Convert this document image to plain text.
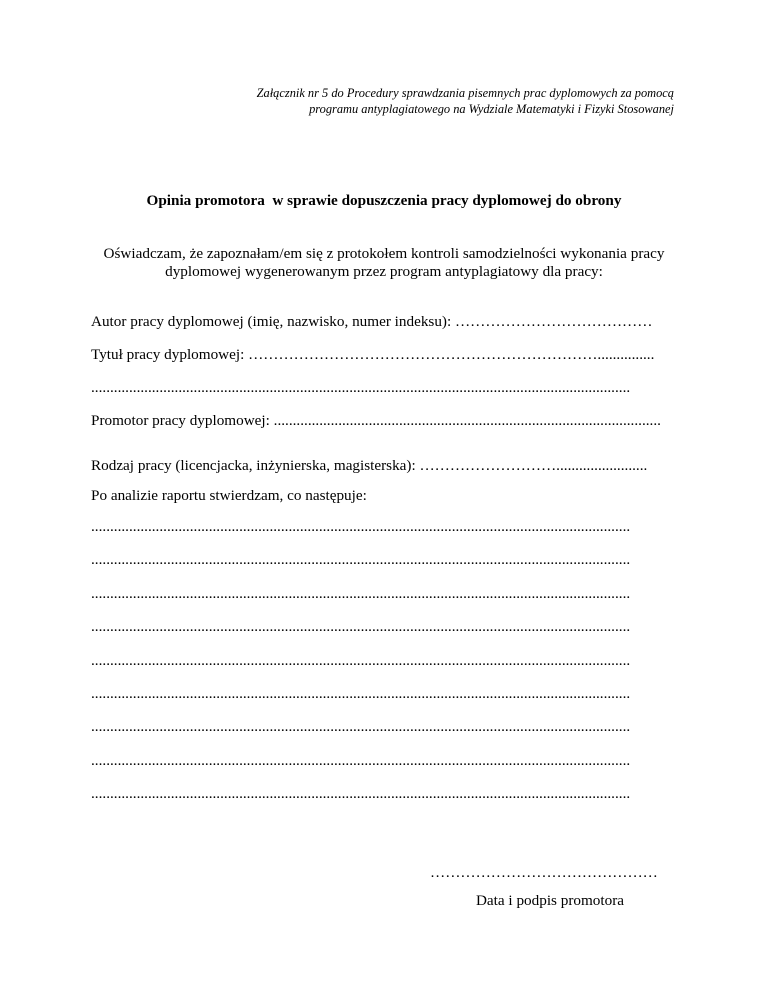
Załącznik nr 5 do Procedury sprawdzania pisemnych prac dyplomowych za pomocą
programu antyplagiatowego na Wydziale Matematyki i Fizyki Stosowanej
Opinia promotora  w sprawie dopuszczenia pracy dyplomowej do obrony
Oświadczam, że zapoznałam/em się z protokołem kontroli samodzielności wykonania pracy
dyplomowej wygenerowanym przez program antyplagiatowy dla pracy:
Autor pracy dyplomowej (imię, nazwisko, numer indeksu): …………………………………
Tytuł pracy dyplomowej: ……………………………………………………………...............
..............................................................................................................................................
Promotor pracy dyplomowej: ......................................................................................................
Rodzaj pracy (licencjacka, inżynierska, magisterska): ………………………........................
Po analizie raportu stwierdzam, co następuje:
..............................................................................................................................................
..............................................................................................................................................
..............................................................................................................................................
..............................................................................................................................................
..............................................................................................................................................
..............................................................................................................................................
..............................................................................................................................................
..............................................................................................................................................
..............................................................................................................................................
………………………………………
Data i podpis promotora
